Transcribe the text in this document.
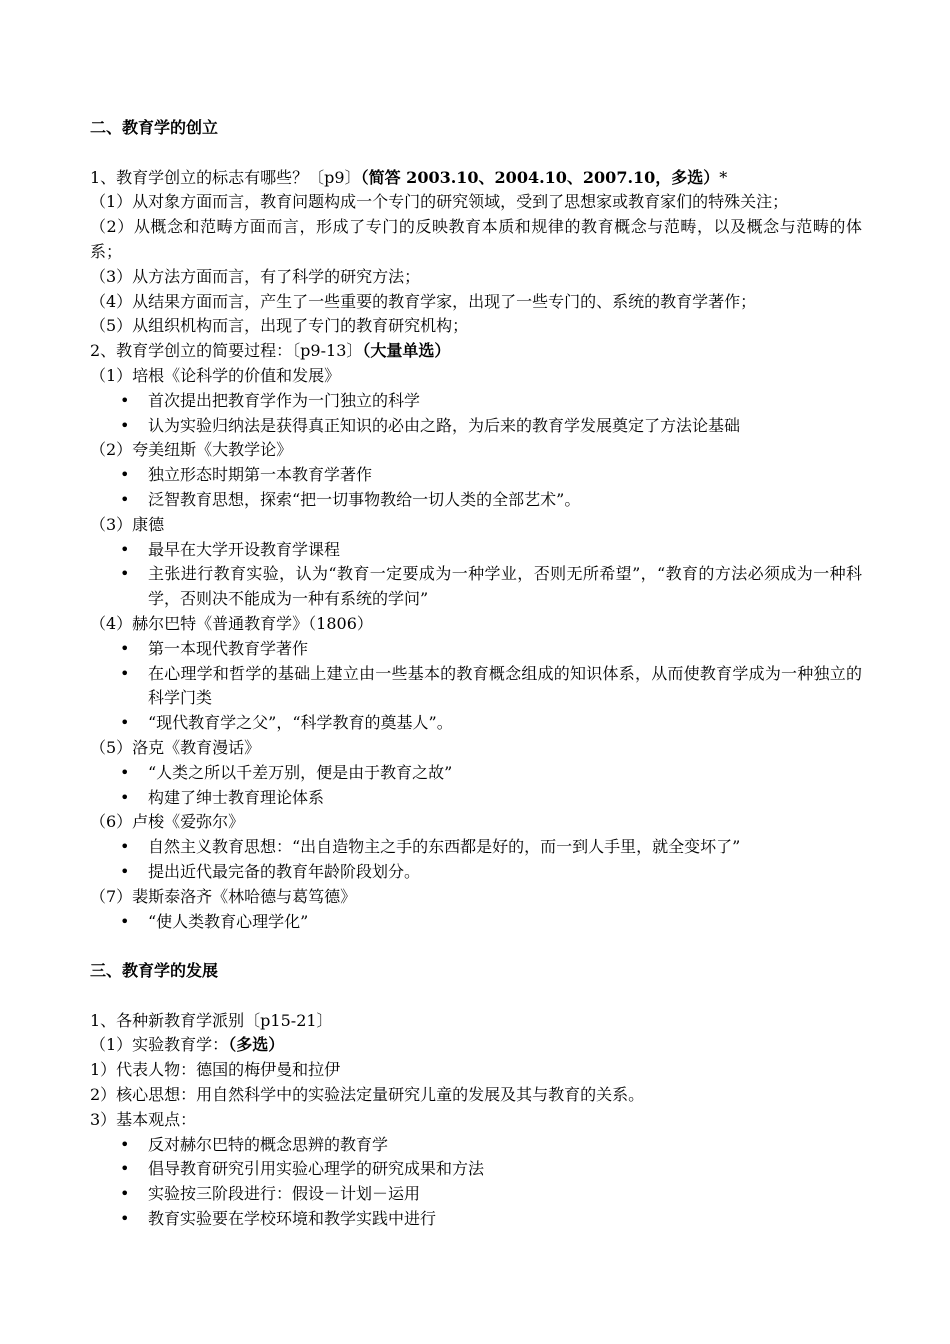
二、教育学的创立

1、教育学创立的标志有哪些？〔p9〕（简答 2003.10、2004.10、2007.10，多选）*

（1）从对象方面而言，教育问题构成一个专门的研究领域，受到了思想家或教育家们的特殊关注；

（2）从概念和范畴方面而言，形成了专门的反映教育本质和规律的教育概念与范畴，以及概念与范畴的体系；

（3）从方法方面而言，有了科学的研究方法；

（4）从结果方面而言，产生了一些重要的教育学家，出现了一些专门的、系统的教育学著作；

（5）从组织机构而言，出现了专门的教育研究机构；

2、教育学创立的简要过程：〔p9-13〕（大量单选）

（1）培根《论科学的价值和发展》

• 首次提出把教育学作为一门独立的科学

• 认为实验归纳法是获得真正知识的必由之路，为后来的教育学发展奠定了方法论基础

（2）夸美纽斯《大教学论》

• 独立形态时期第一本教育学著作

• 泛智教育思想，探索“把一切事物教给一切人类的全部艺术”。

（3）康德

• 最早在大学开设教育学课程

• 主张进行教育实验，认为“教育一定要成为一种学业，否则无所希望”，“教育的方法必须成为一种科学，否则决不能成为一种有系统的学问”

（4）赫尔巴特《普通教育学》（1806）

• 第一本现代教育学著作

• 在心理学和哲学的基础上建立由一些基本的教育概念组成的知识体系，从而使教育学成为一种独立的科学门类

• “现代教育学之父”，“科学教育的奠基人”。

（5）洛克《教育漫话》

• “人类之所以千差万别，便是由于教育之故”

• 构建了绅士教育理论体系

（6）卢梭《爱弥尔》

• 自然主义教育思想：“出自造物主之手的东西都是好的，而一到人手里，就全变坏了”

• 提出近代最完备的教育年龄阶段划分。

（7）裴斯泰洛齐《林哈德与葛笃德》

• “使人类教育心理学化”

三、教育学的发展

1、各种新教育学派别〔p15-21〕

（1）实验教育学：（多选）

1）代表人物：德国的梅伊曼和拉伊

2）核心思想：用自然科学中的实验法定量研究儿童的发展及其与教育的关系。

3）基本观点：

• 反对赫尔巴特的概念思辨的教育学

• 倡导教育研究引用实验心理学的研究成果和方法

• 实验按三阶段进行：假设－计划－运用

• 教育实验要在学校环境和教学实践中进行
